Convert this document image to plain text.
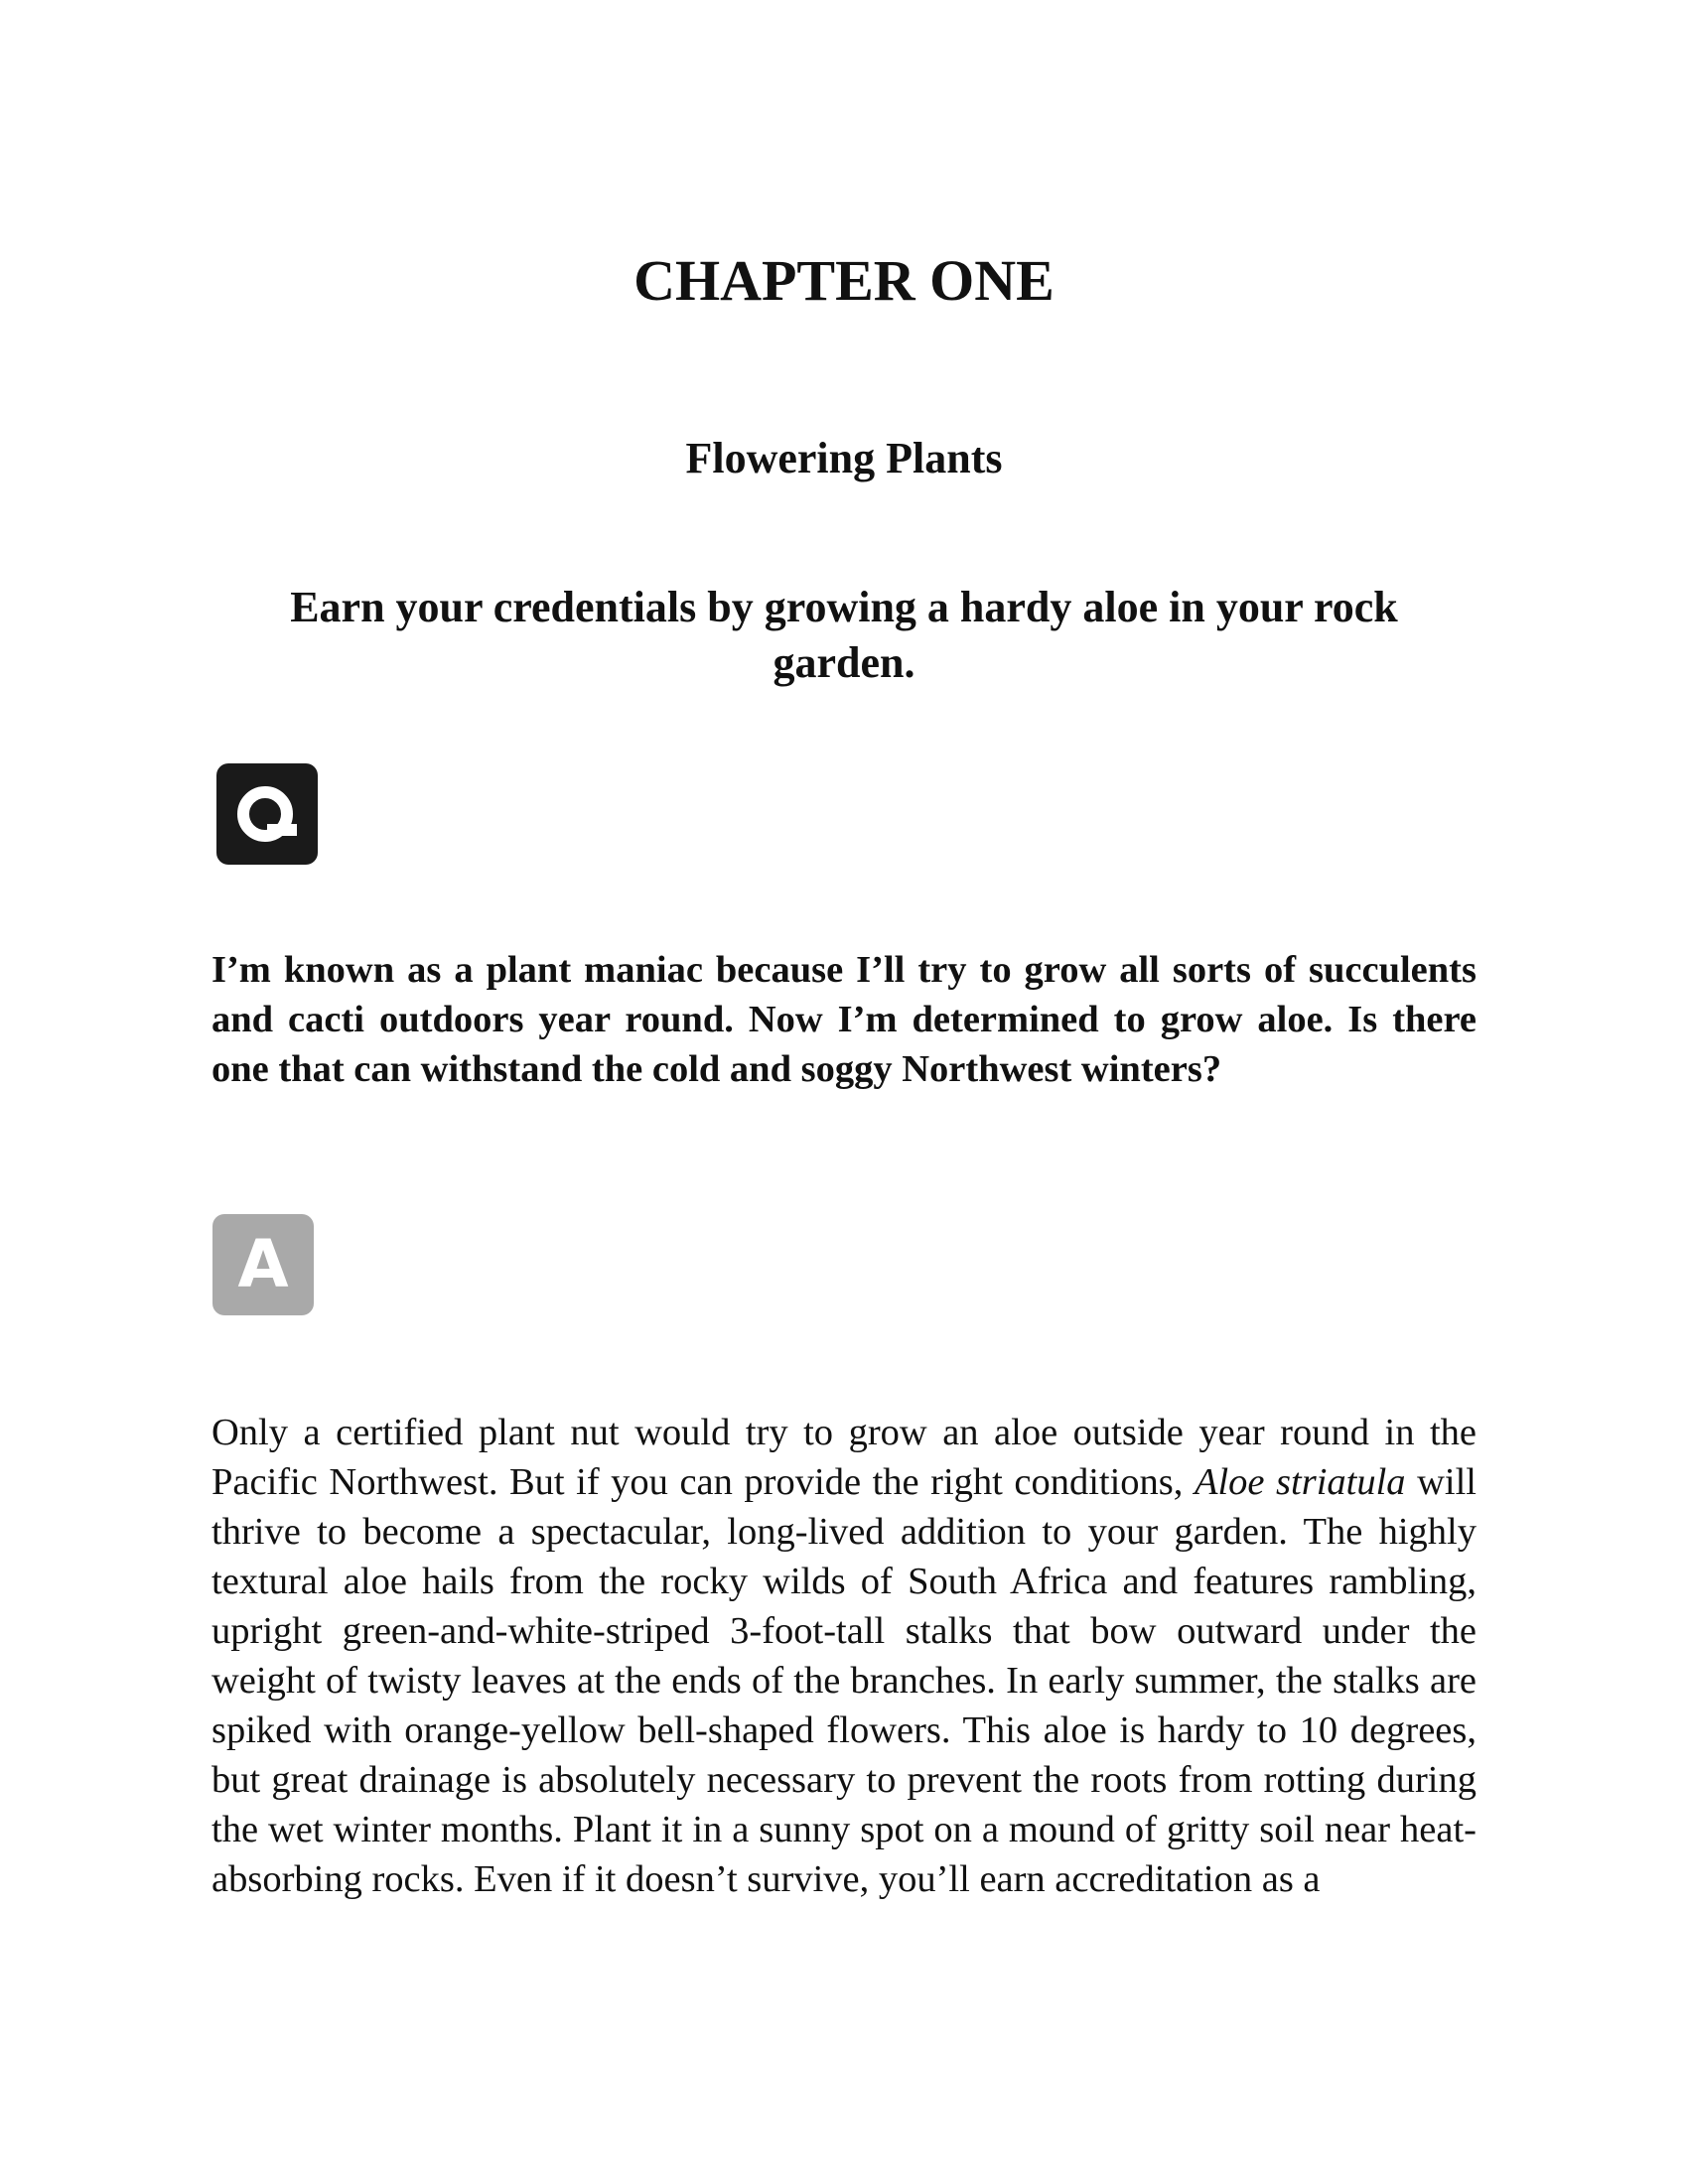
CHAPTER ONE
Flowering Plants
Earn your credentials by growing a hardy aloe in your rock garden.

I’m known as a plant maniac because I’ll try to grow all sorts of succulents and cacti outdoors year round. Now I’m determined to grow aloe. Is there one that can withstand the cold and soggy Northwest winters?

A

Only a certified plant nut would try to grow an aloe outside year round in the Pacific Northwest. But if you can provide the right conditions, Aloe striatula will thrive to become a spectacular, long-lived addition to your garden. The highly textural aloe hails from the rocky wilds of South Africa and features rambling, upright green-and-white-striped 3-foot-tall stalks that bow outward under the weight of twisty leaves at the ends of the branches. In early summer, the stalks are spiked with orange-yellow bell-shaped flowers. This aloe is hardy to 10 degrees, but great drainage is absolutely necessary to prevent the roots from rotting during the wet winter months. Plant it in a sunny spot on a mound of gritty soil near heat-absorbing rocks. Even if it doesn’t survive, you’ll earn accreditation as a
